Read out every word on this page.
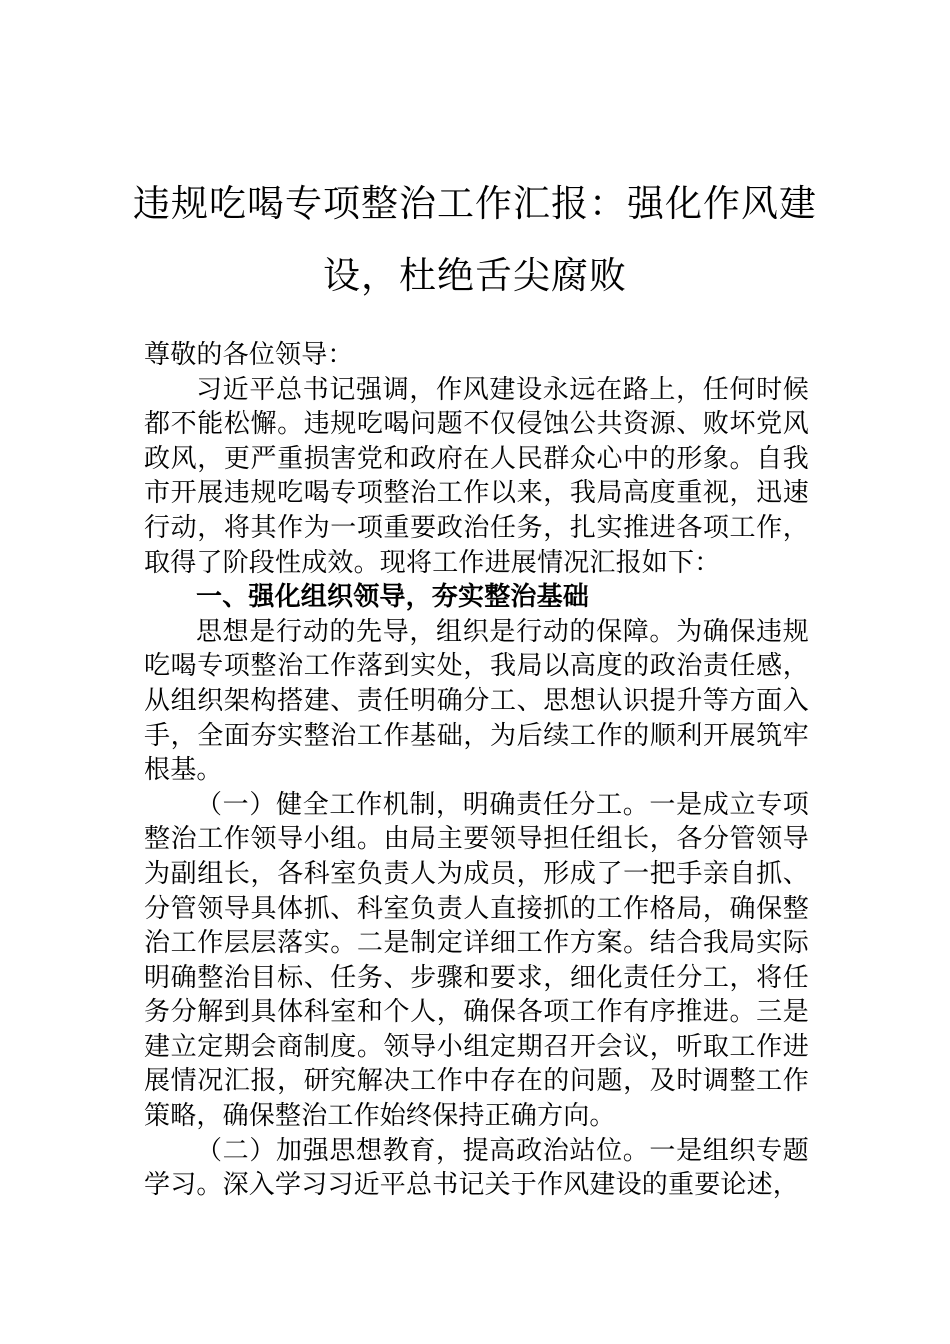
违规吃喝专项整治工作汇报：强化作风建
设，杜绝舌尖腐败

尊敬的各位领导：

习近平总书记强调，作风建设永远在路上，任何时候都不能松懈。违规吃喝问题不仅侵蚀公共资源、败坏党风政风，更严重损害党和政府在人民群众心中的形象。自我市开展违规吃喝专项整治工作以来，我局高度重视，迅速行动，将其作为一项重要政治任务，扎实推进各项工作，取得了阶段性成效。现将工作进展情况汇报如下：

一、强化组织领导，夯实整治基础

思想是行动的先导，组织是行动的保障。为确保违规吃喝专项整治工作落到实处，我局以高度的政治责任感，从组织架构搭建、责任明确分工、思想认识提升等方面入手，全面夯实整治工作基础，为后续工作的顺利开展筑牢根基。

（一）健全工作机制，明确责任分工。一是成立专项整治工作领导小组。由局主要领导担任组长，各分管领导为副组长，各科室负责人为成员，形成了一把手亲自抓、分管领导具体抓、科室负责人直接抓的工作格局，确保整治工作层层落实。二是制定详细工作方案。结合我局实际明确整治目标、任务、步骤和要求，细化责任分工，将任务分解到具体科室和个人，确保各项工作有序推进。三是建立定期会商制度。领导小组定期召开会议，听取工作进展情况汇报，研究解决工作中存在的问题，及时调整工作策略，确保整治工作始终保持正确方向。

（二）加强思想教育，提高政治站位。一是组织专题学习。深入学习习近平总书记关于作风建设的重要论述，
